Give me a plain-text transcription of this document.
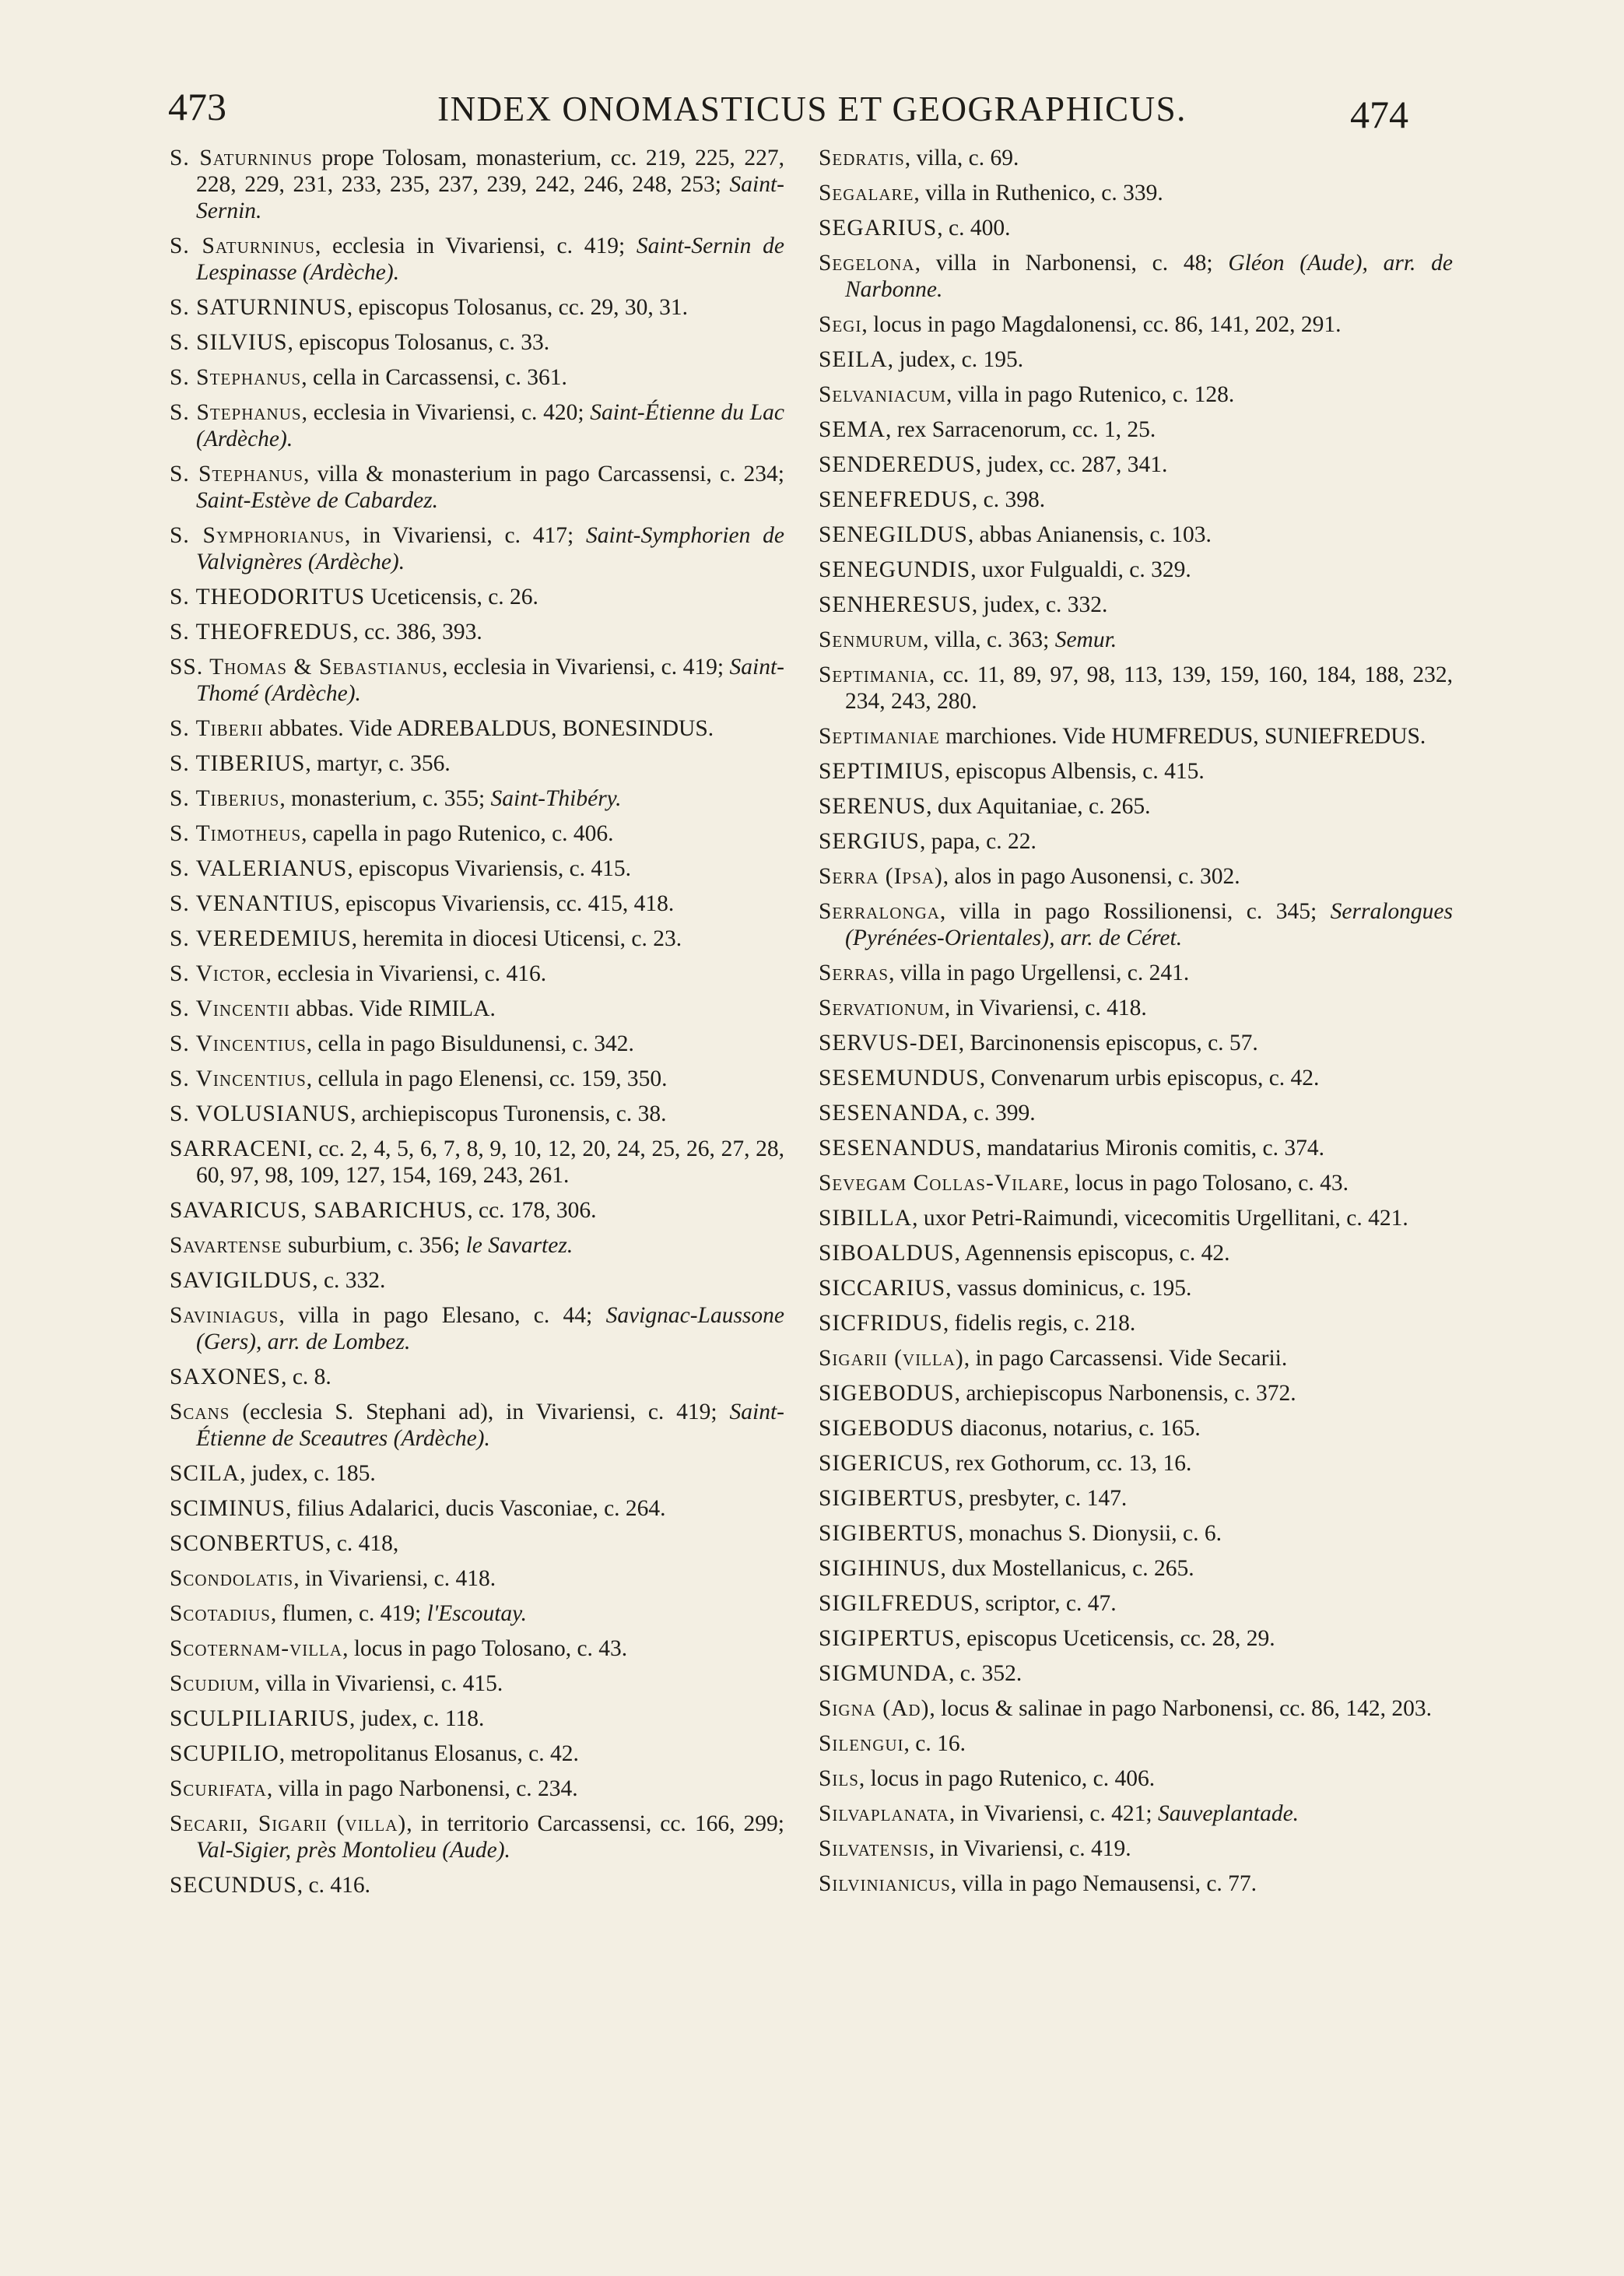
473	INDEX ONOMASTICUS ET GEOGRAPHICUS.	474
S. Saturninus prope Tolosam, monasterium, cc. 219, 225, 227, 228, 229, 231, 233, 235, 237, 239, 242, 246, 248, 253; Saint-Sernin.
S. Saturninus, ecclesia in Vivariensi, c. 419; Saint-Sernin de Lespinasse (Ardèche).
S. SATURNINUS, episcopus Tolosanus, cc. 29, 30, 31.
S. SILVIUS, episcopus Tolosanus, c. 33.
S. Stephanus, cella in Carcassensi, c. 361.
S. Stephanus, ecclesia in Vivariensi, c. 420; Saint-Étienne du Lac (Ardèche).
S. Stephanus, villa & monasterium in pago Carcassensi, c. 234; Saint-Estève de Cabardez.
S. Symphorianus, in Vivariensi, c. 417; Saint-Symphorien de Valvignères (Ardèche).
S. THEODORITUS Uceticensis, c. 26.
S. THEOFREDUS, cc. 386, 393.
SS. Thomas & Sebastianus, ecclesia in Vivariensi, c. 419; Saint-Thomé (Ardèche).
S. Tiberii abbates. Vide ADREBALDUS, BONESINDUS.
S. TIBERIUS, martyr, c. 356.
S. Tiberius, monasterium, c. 355; Saint-Thibéry.
S. Timotheus, capella in pago Rutenico, c. 406.
S. VALERIANUS, episcopus Vivariensis, c. 415.
S. VENANTIUS, episcopus Vivariensis, cc. 415, 418.
S. VEREDEMIUS, heremita in diocesi Uticensi, c. 23.
S. Victor, ecclesia in Vivariensi, c. 416.
S. Vincentii abbas. Vide RIMILA.
S. Vincentius, cella in pago Bisuldunensi, c. 342.
S. Vincentius, cellula in pago Elenensi, cc. 159, 350.
S. VOLUSIANUS, archiepiscopus Turonensis, c. 38.
SARRACENI, cc. 2, 4, 5, 6, 7, 8, 9, 10, 12, 20, 24, 25, 26, 27, 28, 60, 97, 98, 109, 127, 154, 169, 243, 261.
SAVARICUS, SABARICHUS, cc. 178, 306.
Savartense suburbium, c. 356; le Savartez.
SAVIGILDUS, c. 332.
Saviniagus, villa in pago Elesano, c. 44; Savignac-Laussone (Gers), arr. de Lombez.
SAXONES, c. 8.
Scans (ecclesia S. Stephani ad), in Vivariensi, c. 419; Saint-Étienne de Sceautres (Ardèche).
SCILA, judex, c. 185.
SCIMINUS, filius Adalarici, ducis Vasconiae, c. 264.
SCONBERTUS, c. 418,
Scondolatis, in Vivariensi, c. 418.
Scotadius, flumen, c. 419; l'Escoutay.
Scoternam-villa, locus in pago Tolosano, c. 43.
Scudium, villa in Vivariensi, c. 415.
SCULPILIARIUS, judex, c. 118.
SCUPILIO, metropolitanus Elosanus, c. 42.
Scurifata, villa in pago Narbonensi, c. 234.
Secarii, Sigarii (villa), in territorio Carcassensi, cc. 166, 299; Val-Sigier, près Montolieu (Aude).
SECUNDUS, c. 416.
Sedratis, villa, c. 69.
Segalare, villa in Ruthenico, c. 339.
SEGARIUS, c. 400.
Segelona, villa in Narbonensi, c. 48; Gléon (Aude), arr. de Narbonne.
Segi, locus in pago Magdalonensi, cc. 86, 141, 202, 291.
SEILA, judex, c. 195.
Selvaniacum, villa in pago Rutenico, c. 128.
SEMA, rex Sarracenorum, cc. 1, 25.
SENDEREDUS, judex, cc. 287, 341.
SENEFREDUS, c. 398.
SENEGILDUS, abbas Anianensis, c. 103.
SENEGUNDIS, uxor Fulgualdi, c. 329.
SENHERESUS, judex, c. 332.
Senmurum, villa, c. 363; Semur.
Septimania, cc. 11, 89, 97, 98, 113, 139, 159, 160, 184, 188, 232, 234, 243, 280.
Septimaniae marchiones. Vide HUMFREDUS, SUNIEFREDUS.
SEPTIMIUS, episcopus Albensis, c. 415.
SERENUS, dux Aquitaniae, c. 265.
SERGIUS, papa, c. 22.
Serra (Ipsa), alos in pago Ausonensi, c. 302.
Serralonga, villa in pago Rossilionensi, c. 345; Serralongues (Pyrénées-Orientales), arr. de Céret.
Serras, villa in pago Urgellensi, c. 241.
Servationum, in Vivariensi, c. 418.
SERVUS-DEI, Barcinonensis episcopus, c. 57.
SESEMUNDUS, Convenarum urbis episcopus, c. 42.
SESENANDA, c. 399.
SESENANDUS, mandatarius Mironis comitis, c. 374.
Sevegam Collas-Vilare, locus in pago Tolosano, c. 43.
SIBILLA, uxor Petri-Raimundi, vicecomitis Urgellitani, c. 421.
SIBOALDUS, Agennensis episcopus, c. 42.
SICCARIUS, vassus dominicus, c. 195.
SICFRIDUS, fidelis regis, c. 218.
Sigarii (villa), in pago Carcassensi. Vide Secarii.
SIGEBODUS, archiepiscopus Narbonensis, c. 372.
SIGEBODUS diaconus, notarius, c. 165.
SIGERICUS, rex Gothorum, cc. 13, 16.
SIGIBERTUS, presbyter, c. 147.
SIGIBERTUS, monachus S. Dionysii, c. 6.
SIGIHINUS, dux Mostellanicus, c. 265.
SIGILFREDUS, scriptor, c. 47.
SIGIPERTUS, episcopus Uceticensis, cc. 28, 29.
SIGMUNDA, c. 352.
Signa (Ad), locus & salinae in pago Narbonensi, cc. 86, 142, 203.
Silengui, c. 16.
Sils, locus in pago Rutenico, c. 406.
Silvaplanata, in Vivariensi, c. 421; Sauveplantade.
Silvatensis, in Vivariensi, c. 419.
Silvinianicus, villa in pago Nemausensi, c. 77.
